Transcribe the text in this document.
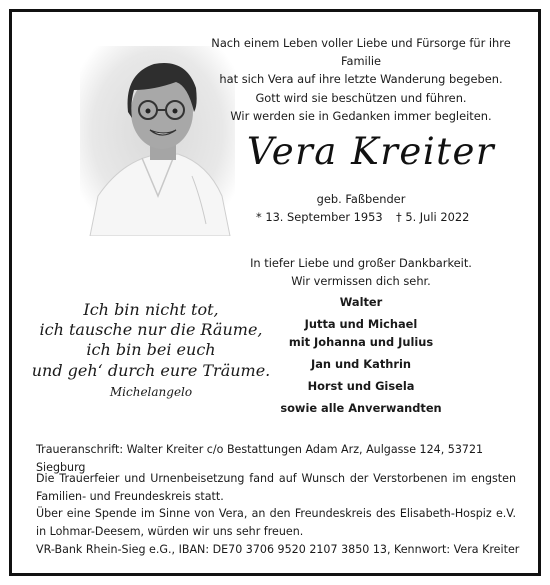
Nach einem Leben voller Liebe und Fürsorge für ihre Familie
hat sich Vera auf ihre letzte Wanderung begeben.
Gott wird sie beschützen und führen.
Wir werden sie in Gedanken immer begleiten.
Vera Kreiter
geb. Faßbender
* 13. September 1953 † 5. Juli 2022
In tiefer Liebe und großer Dankbarkeit.
Wir vermissen dich sehr.
Walter
Jutta und Michael
mit Johanna und Julius
Jan und Kathrin
Horst und Gisela
sowie alle Anverwandten
Ich bin nicht tot,
ich tausche nur die Räume,
ich bin bei euch
und geh‘ durch eure Träume.
Michelangelo
Traueranschrift: Walter Kreiter c/o Bestattungen Adam Arz, Aulgasse 124, 53721 Siegburg
Die Trauerfeier und Urnenbeisetzung fand auf Wunsch der Verstorbenen im engsten Familien- und Freundeskreis statt.
Über eine Spende im Sinne von Vera, an den Freundeskreis des Elisabeth-Hospiz e.V. in Lohmar-Deesem, würden wir uns sehr freuen.
VR-Bank Rhein-Sieg e.G., IBAN: DE70 3706 9520 2107 3850 13, Kennwort: Vera Kreiter
